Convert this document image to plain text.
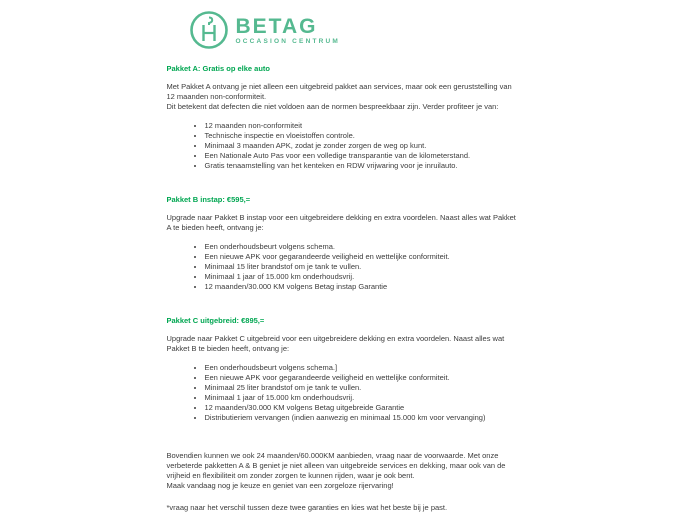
BETAG
OCCASION CENTRUM
Pakket A: Gratis op elke auto

Met Pakket A ontvang je niet alleen een uitgebreid pakket aan services, maar ook een geruststelling van 12 maanden non-conformiteit.

Dit betekent dat defecten die niet voldoen aan de normen bespreekbaar zijn. Verder profiteer je van:

• 12 maanden non-conformiteit
• Technische inspectie en vloeistoffen controle.
• Minimaal 3 maanden APK, zodat je zonder zorgen de weg op kunt.
• Een Nationale Auto Pas voor een volledige transparantie van de kilometerstand.
• Gratis tenaamstelling van het kenteken en RDW vrijwaring voor je inruilauto.
Pakket B instap: €595,=

Upgrade naar Pakket B instap voor een uitgebreidere dekking en extra voordelen. Naast alles wat Pakket A te bieden heeft, ontvang je:

• Een onderhoudsbeurt volgens schema.
• Een nieuwe APK voor gegarandeerde veiligheid en wettelijke conformiteit.
• Minimaal 15 liter brandstof om je tank te vullen.
• Minimaal 1 jaar of 15.000 km onderhoudsvrij.
• 12 maanden/30.000 KM volgens Betag instap Garantie
Pakket C uitgebreid: €895,=

Upgrade naar Pakket C uitgebreid voor een uitgebreidere dekking en extra voordelen. Naast alles wat Pakket B te bieden heeft, ontvang je:

• Een onderhoudsbeurt volgens schema.]
• Een nieuwe APK voor gegarandeerde veiligheid en wettelijke conformiteit.
• Minimaal 25 liter brandstof om je tank te vullen.
• Minimaal 1 jaar of 15.000 km onderhoudsvrij.
• 12 maanden/30.000 KM volgens Betag uitgebreide Garantie
• Distributieriem vervangen (indien aanwezig en minimaal 15.000 km voor vervanging)

Bovendien kunnen we ook 24 maanden/60.000KM aanbieden, vraag naar de voorwaarde. Met onze verbeterde pakketten A & B geniet je niet alleen van uitgebreide services en dekking, maar ook van de vrijheid en flexibiliteit om zonder zorgen te kunnen rijden, waar je ook bent.

Maak vandaag nog je keuze en geniet van een zorgeloze rijervaring!

*vraag naar het verschil tussen deze twee garanties en kies wat het beste bij je past.
